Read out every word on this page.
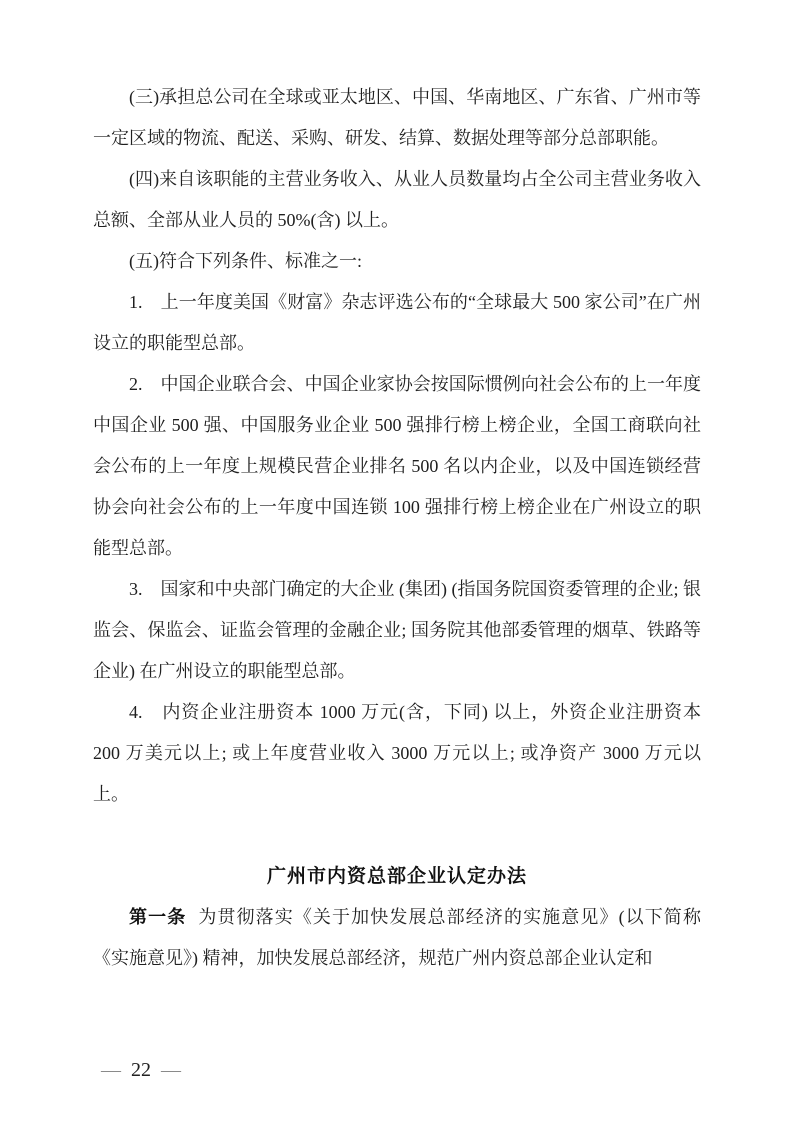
(三)承担总公司在全球或亚太地区、中国、华南地区、广东省、广州市等一定区域的物流、配送、采购、研发、结算、数据处理等部分总部职能。

(四)来自该职能的主营业务收入、从业人员数量均占全公司主营业务收入总额、全部从业人员的 50%(含) 以上。

(五)符合下列条件、标准之一:

1.　上一年度美国《财富》杂志评选公布的“全球最大 500 家公司”在广州设立的职能型总部。

2.　中国企业联合会、中国企业家协会按国际惯例向社会公布的上一年度中国企业 500 强、中国服务业企业 500 强排行榜上榜企业，全国工商联向社会公布的上一年度上规模民营企业排名 500 名以内企业，以及中国连锁经营协会向社会公布的上一年度中国连锁 100 强排行榜上榜企业在广州设立的职能型总部。

3.　国家和中央部门确定的大企业 (集团) (指国务院国资委管理的企业; 银监会、保监会、证监会管理的金融企业; 国务院其他部委管理的烟草、铁路等企业) 在广州设立的职能型总部。

4.　内资企业注册资本 1000 万元(含，下同) 以上，外资企业注册资本 200 万美元以上; 或上年度营业收入 3000 万元以上; 或净资产 3000 万元以上。

广州市内资总部企业认定办法

第一条 为贯彻落实《关于加快发展总部经济的实施意见》(以下简称《实施意见》) 精神，加快发展总部经济，规范广州内资总部企业认定和

— 22 —
